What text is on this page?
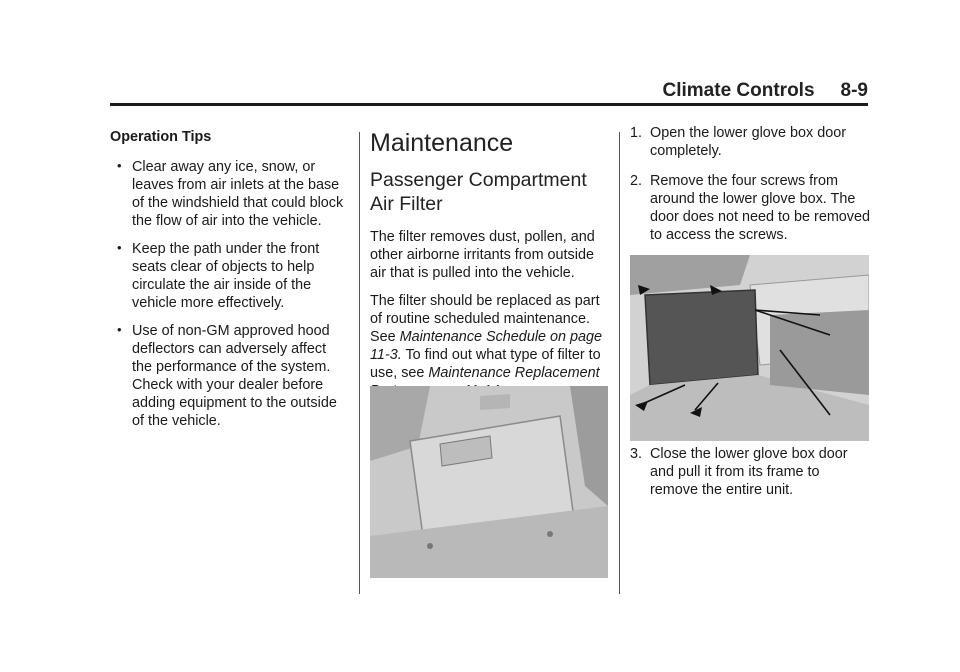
Climate Controls 8-9
Operation Tips
• Clear away any ice, snow, or leaves from air inlets at the base of the windshield that could block the flow of air into the vehicle.
• Keep the path under the front seats clear of objects to help circulate the air inside of the vehicle more effectively.
• Use of non-GM approved hood deflectors can adversely affect the performance of the system. Check with your dealer before adding equipment to the outside of the vehicle.
Maintenance
Passenger Compartment Air Filter

The filter removes dust, pollen, and other airborne irritants from outside air that is pulled into the vehicle.

The filter should be replaced as part of routine scheduled maintenance. See Maintenance Schedule on page 11-3. To find out what type of filter to use, see Maintenance Replacement

1. Open the lower glove box door completely.
2. Remove the four screws from around the lower glove box. The door does not need to be removed to access the screws.
3. Close the lower glove box door and pull it from its frame to remove the entire unit.
